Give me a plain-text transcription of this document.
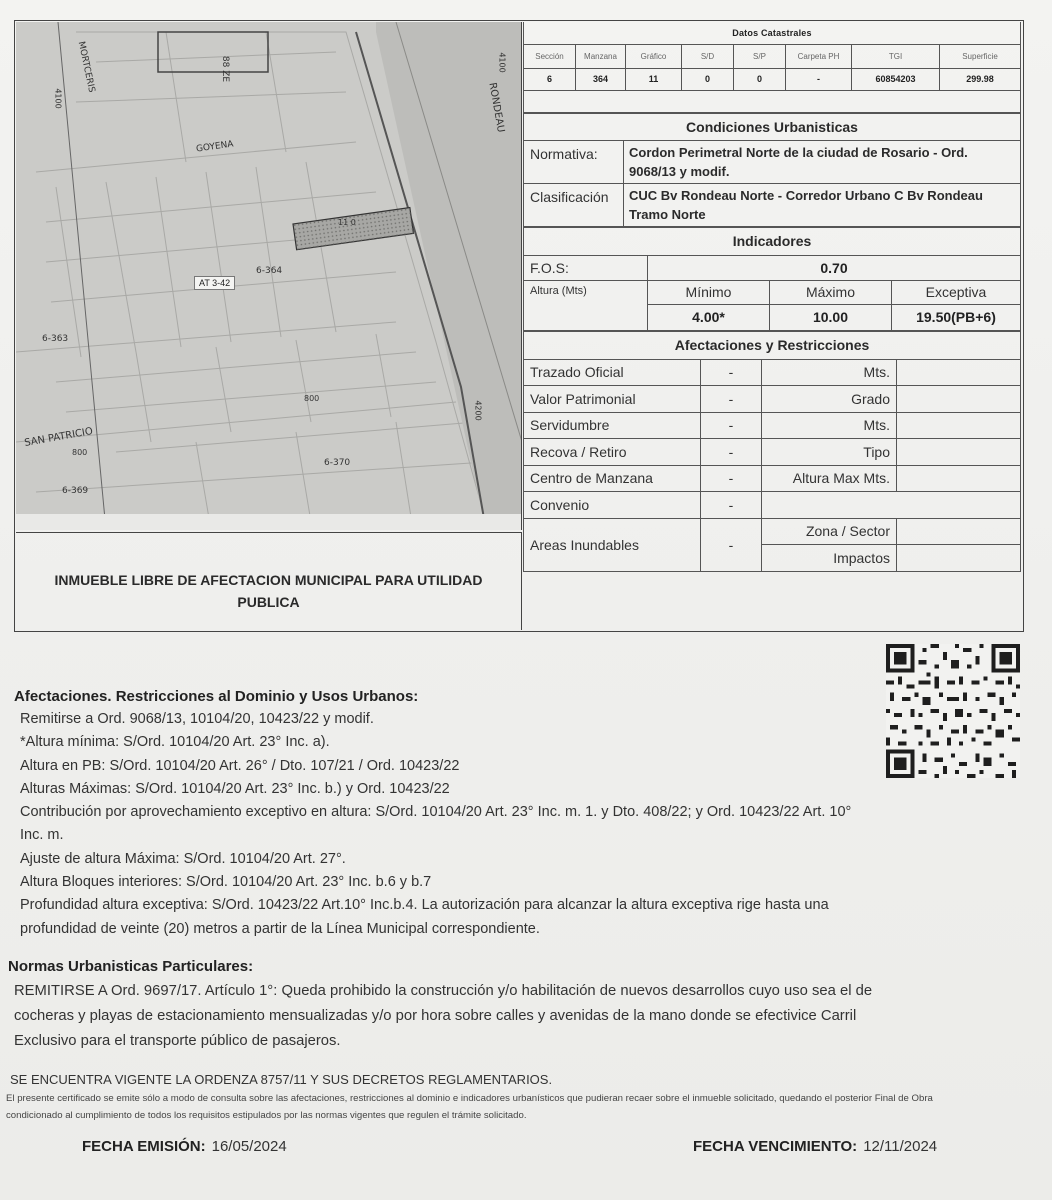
MORTCERIS
GOYENA
RONDEAU
SAN PATRICIO
4100
4100
4200
800
800
88 ZE
6-364
6-363
6-370
6-369
11 0
AT 3-42
INMUEBLE LIBRE DE AFECTACION MUNICIPAL PARA UTILIDAD PUBLICA
Datos Catastrales							
Sección	Manzana	Gráfico	S/D	S/P	Carpeta PH	TGI	Superficie
6	364	11	0	0	-	60854203	299.98

Condiciones Urbanisticas	
Normativa:	Cordon Perimetral Norte de la ciudad de Rosario - Ord. 9068/13 y modif.
Clasificación	CUC Bv Rondeau Norte - Corredor Urbano C Bv Rondeau Tramo Norte
Indicadores			
F.O.S:	0.70		
Altura (Mts)	Mínimo	Máximo	Exceptiva
	4.00*	10.00	19.50(PB+6)
Afectaciones y Restricciones			
Trazado Oficial	-	Mts.	
Valor Patrimonial	-	Grado	
Servidumbre	-	Mts.	
Recova / Retiro	-	Tipo	
Centro de Manzana	-	Altura Max Mts.	
Convenio	-		
Areas Inundables	-	Zona / Sector	
		Impactos	
Afectaciones. Restricciones al Dominio y Usos Urbanos:
Remitirse a Ord. 9068/13, 10104/20, 10423/22 y modif.
*Altura mínima: S/Ord. 10104/20 Art. 23° Inc. a).
Altura en PB: S/Ord. 10104/20 Art. 26° / Dto. 107/21 / Ord. 10423/22
Alturas Máximas: S/Ord. 10104/20 Art. 23° Inc. b.) y Ord. 10423/22
Contribución por aprovechamiento exceptivo en altura: S/Ord. 10104/20 Art. 23° Inc. m. 1. y Dto. 408/22; y Ord. 10423/22 Art. 10°
Inc. m.
Ajuste de altura Máxima: S/Ord. 10104/20 Art. 27°.
Altura Bloques interiores: S/Ord. 10104/20 Art. 23° Inc. b.6 y b.7
Profundidad altura exceptiva: S/Ord. 10423/22 Art.10° Inc.b.4. La autorización para alcanzar la altura exceptiva rige hasta una
profundidad de veinte (20) metros a partir de la Línea Municipal correspondiente.
Normas Urbanisticas Particulares:
REMITIRSE A Ord. 9697/17. Artículo 1°: Queda prohibido la construcción y/o habilitación de nuevos desarrollos cuyo uso sea el de
cocheras y playas de estacionamiento mensualizadas y/o por hora sobre calles y avenidas de la mano donde se efectivice Carril
Exclusivo para el transporte público de pasajeros.
SE ENCUENTRA VIGENTE LA ORDENZA 8757/11 Y SUS DECRETOS REGLAMENTARIOS.
El presente certificado se emite sólo a modo de consulta sobre las afectaciones, restricciones al dominio e indicadores urbanísticos que pudieran recaer sobre el inmueble solicitado, quedando el posterior Final de Obra
condicionado al cumplimiento de todos los requisitos estipulados por las normas vigentes que regulen el trámite solicitado.
FECHA EMISIÓN: 16/05/2024	FECHA VENCIMIENTO: 12/11/2024
